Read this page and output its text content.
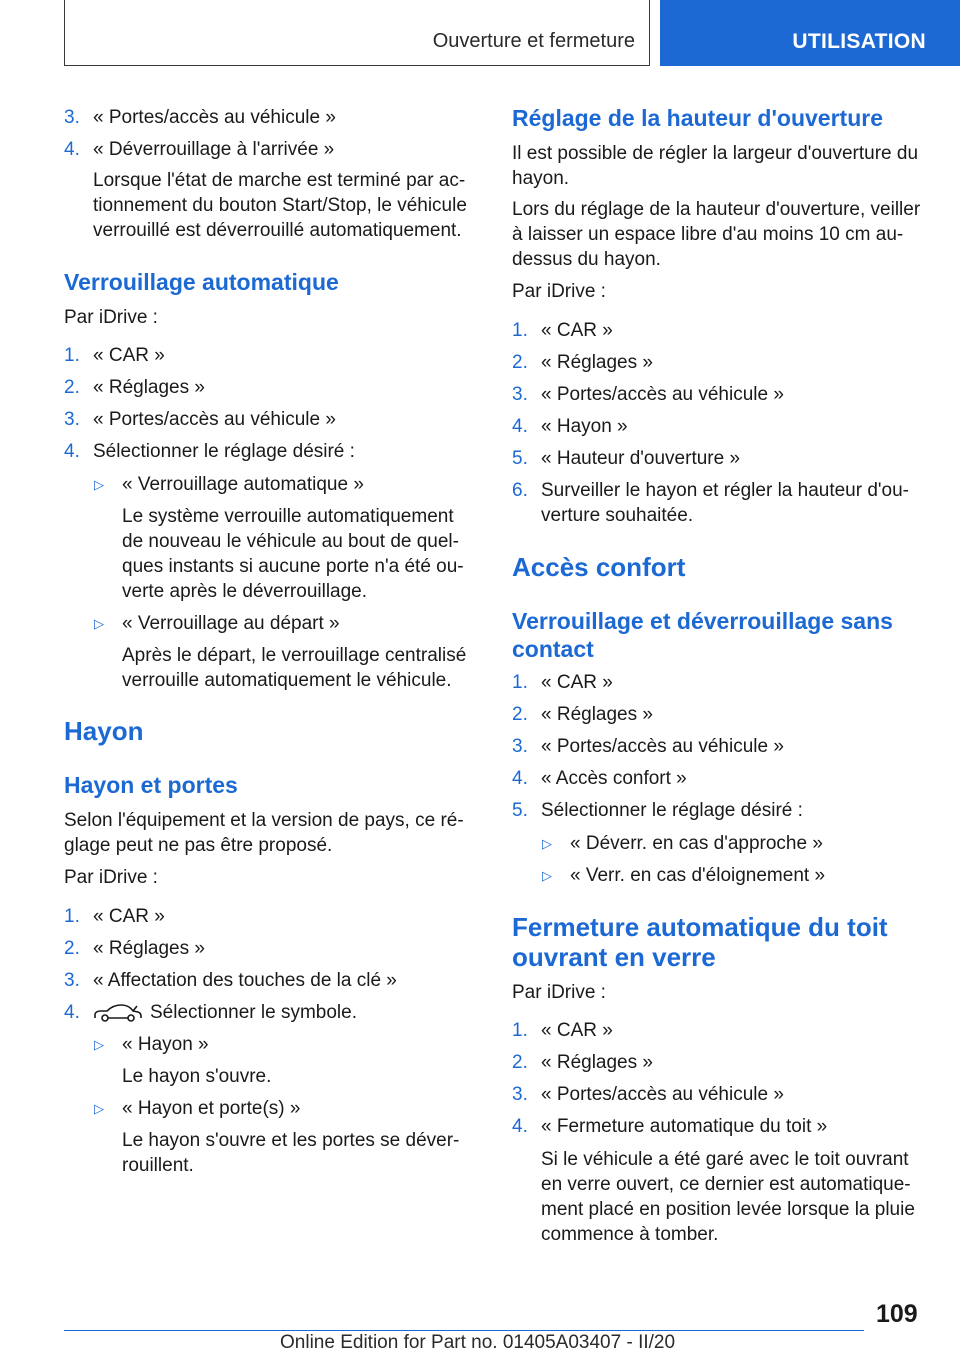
Ouverture et fermeture	UTILISATION
3. « Portes/accès au véhicule »
4. « Déverrouillage à l'arrivée »
Lorsque l'état de marche est terminé par ac-
tionnement du bouton Start/Stop, le véhicule
verrouillé est déverrouillé automatiquement.
Verrouillage automatique
Par iDrive :
1. « CAR »
2. « Réglages »
3. « Portes/accès au véhicule »
4. Sélectionner le réglage désiré :
▷ « Verrouillage automatique »
Le système verrouille automatiquement
de nouveau le véhicule au bout de quel-
ques instants si aucune porte n'a été ou-
verte après le déverrouillage.
▷ « Verrouillage au départ »
Après le départ, le verrouillage centralisé
verrouille automatiquement le véhicule.
Hayon
Hayon et portes
Selon l'équipement et la version de pays, ce ré-
glage peut ne pas être proposé.
Par iDrive :
1. « CAR »
2. « Réglages »
3. « Affectation des touches de la clé »
4.	Sélectionner le symbole.
▷ « Hayon »
Le hayon s'ouvre.
▷ « Hayon et porte(s) »
Le hayon s'ouvre et les portes se déver-
rouillent.
Réglage de la hauteur d'ouverture
Il est possible de régler la largeur d'ouverture du
hayon.
Lors du réglage de la hauteur d'ouverture, veiller
à laisser un espace libre d'au moins 10 cm au-
dessus du hayon.
Par iDrive :
1. « CAR »
2. « Réglages »
3. « Portes/accès au véhicule »
4. « Hayon »
5. « Hauteur d'ouverture »
6. Surveiller le hayon et régler la hauteur d'ou-
verture souhaitée.
Accès confort
Verrouillage et déverrouillage sans
contact
1. « CAR »
2. « Réglages »
3. « Portes/accès au véhicule »
4. « Accès confort »
5. Sélectionner le réglage désiré :
▷ « Déverr. en cas d'approche »
▷ « Verr. en cas d'éloignement »
Fermeture automatique du toit
ouvrant en verre
Par iDrive :
1. « CAR »
2. « Réglages »
3. « Portes/accès au véhicule »
4. « Fermeture automatique du toit »
Si le véhicule a été garé avec le toit ouvrant
en verre ouvert, ce dernier est automatique-
ment placé en position levée lorsque la pluie
commence à tomber.
109
Online Edition for Part no. 01405A03407 - II/20
